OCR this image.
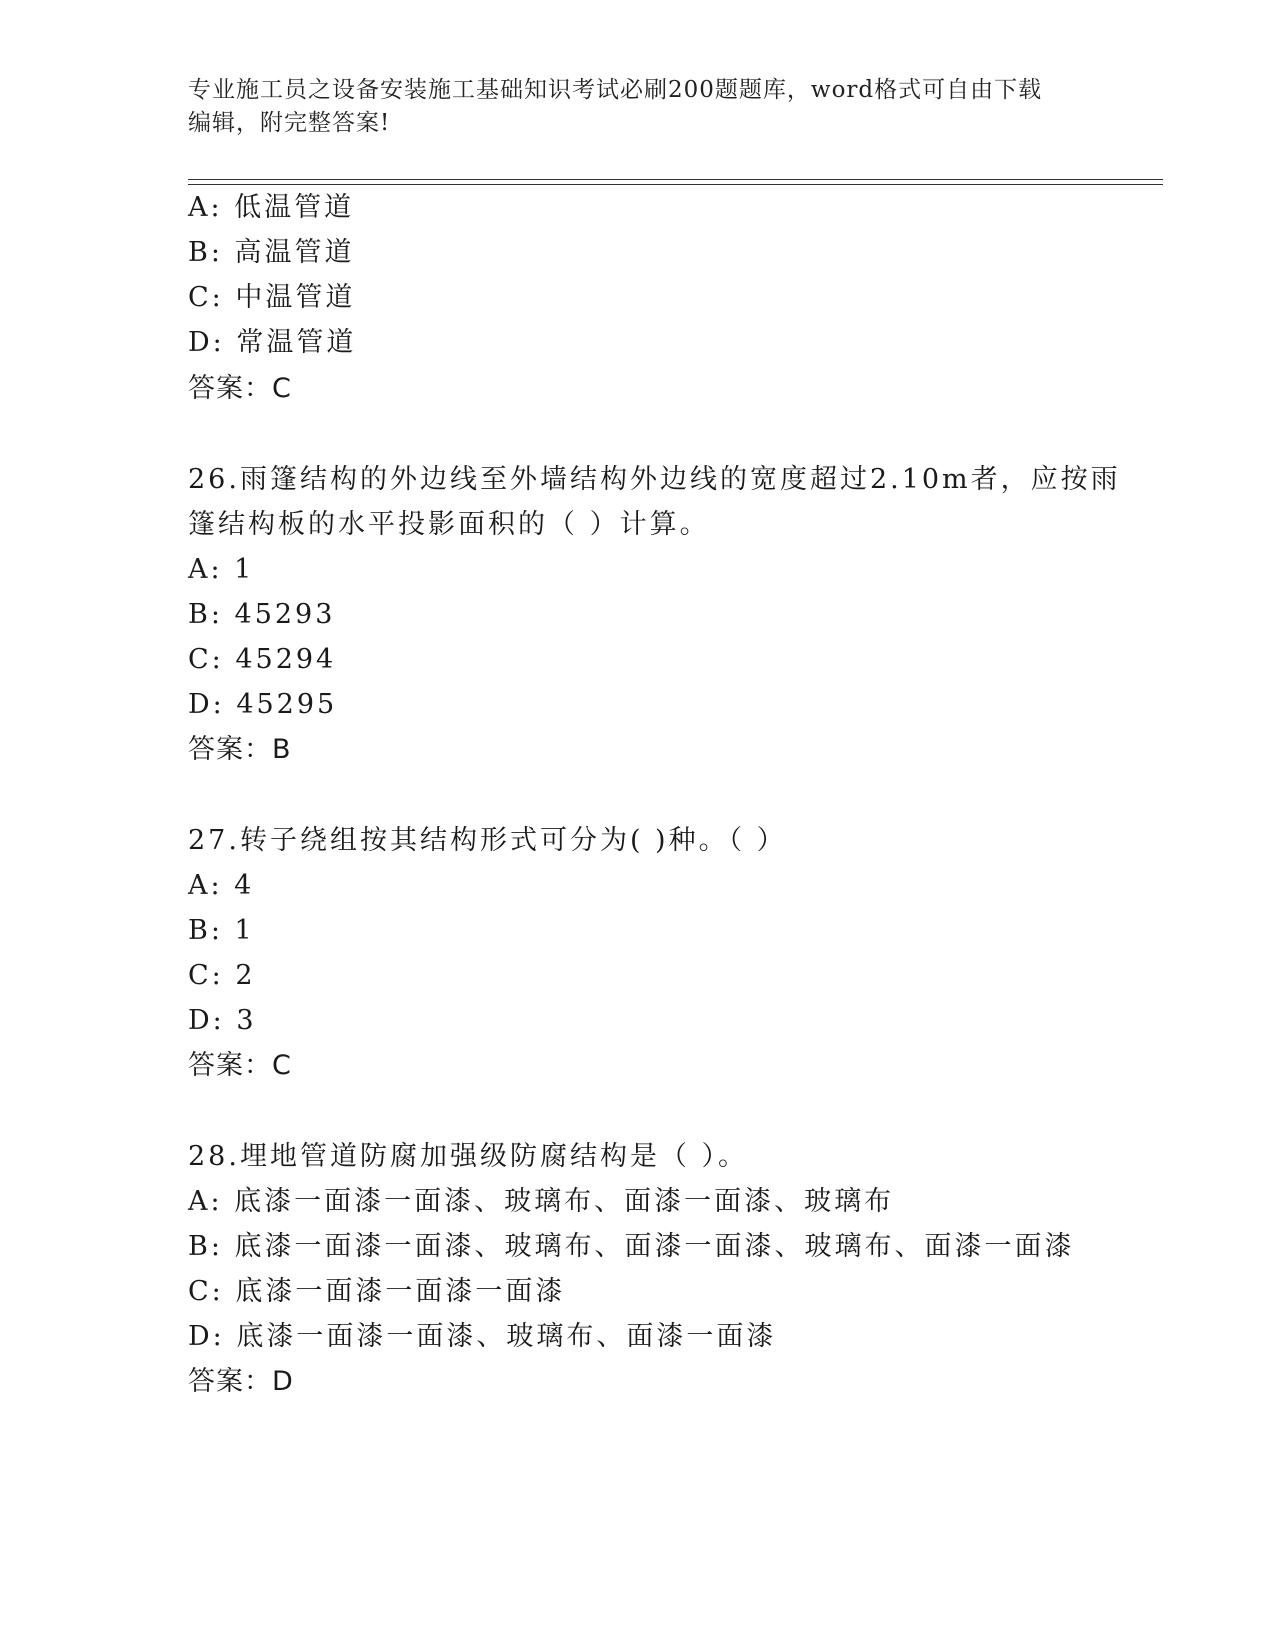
专业施工员之设备安装施工基础知识考试必刷200题题库，word格式可自由下载
编辑，附完整答案!
A: 低温管道
B: 高温管道
C: 中温管道
D: 常温管道
答案：C
26.雨篷结构的外边线至外墙结构外边线的宽度超过2.10m者，应按雨
篷结构板的水平投影面积的（ ）计算。
A: 1
B: 45293
C: 45294
D: 45295
答案：B
27.转子绕组按其结构形式可分为( )种。（ ）
A: 4
B: 1
C: 2
D: 3
答案：C
28.埋地管道防腐加强级防腐结构是（ ）。
A: 底漆一面漆一面漆、玻璃布、面漆一面漆、玻璃布
B: 底漆一面漆一面漆、玻璃布、面漆一面漆、玻璃布、面漆一面漆
C: 底漆一面漆一面漆一面漆
D: 底漆一面漆一面漆、玻璃布、面漆一面漆
答案：D
